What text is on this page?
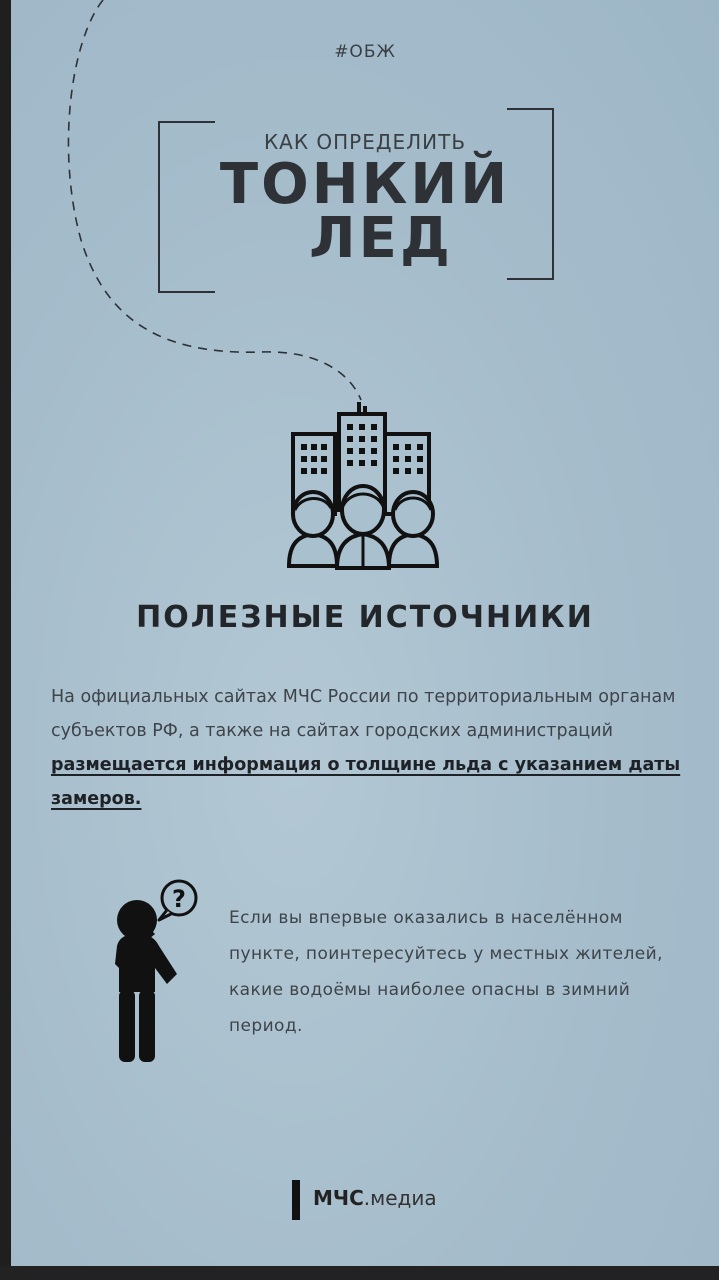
#ОБЖ
КАК ОПРЕДЕЛИТЬ
ТОНКИЙ
ЛЕД
ПОЛЕЗНЫЕ ИСТОЧНИКИ
На официальных сайтах МЧС России по территориальным органам субъектов РФ, а также на сайтах городских администраций размещается информация о толщине льда с указанием даты замеров.
?
Если вы впервые оказались в населённом пункте, поинтересуйтесь у местных жителей, какие водоёмы наиболее опасны в зимний период.
МЧС.медиа
